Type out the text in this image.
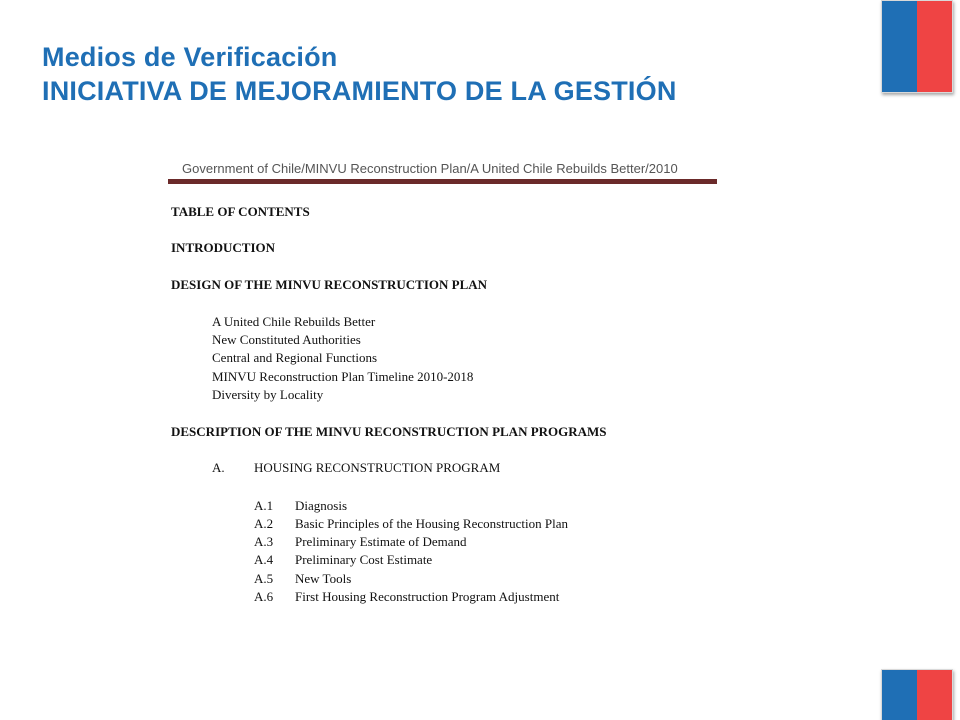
Medios de Verificación
INICIATIVA DE MEJORAMIENTO DE LA GESTIÓN
Government of Chile/MINVU Reconstruction Plan/A United Chile Rebuilds Better/2010
TABLE OF CONTENTS
INTRODUCTION
DESIGN OF THE MINVU RECONSTRUCTION PLAN
A United Chile Rebuilds Better
New Constituted Authorities
Central and Regional Functions
MINVU Reconstruction Plan Timeline 2010-2018
Diversity by Locality
DESCRIPTION OF THE MINVU RECONSTRUCTION PLAN PROGRAMS
A. HOUSING RECONSTRUCTION PROGRAM
A.1 Diagnosis
A.2 Basic Principles of the Housing Reconstruction Plan
A.3 Preliminary Estimate of Demand
A.4 Preliminary Cost Estimate
A.5 New Tools
A.6 First Housing Reconstruction Program Adjustment
